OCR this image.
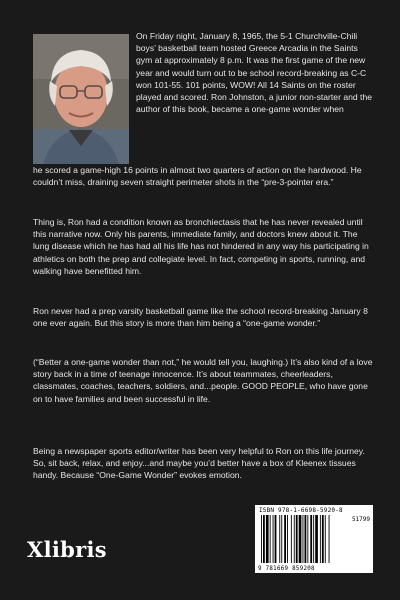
On Friday night, January 8, 1965, the 5-1 Churchville-Chili boys’ basketball team hosted Greece Arcadia in the Saints gym at approximately 8 p.m. It was the first game of the new year and would turn out to be school record-breaking as C-C won 101-55. 101 points, WOW! All 14 Saints on the roster played and scored. Ron Johnston, a junior non-starter and the author of this book, became a one-game wonder when
he scored a game-high 16 points in almost two quarters of action on the hardwood. He couldn’t miss, draining seven straight perimeter shots in the “pre-3-pointer era.”
Thing is, Ron had a condition known as bronchiectasis that he has never revealed until this narrative now. Only his parents, immediate family, and doctors knew about it. The lung disease which he has had all his life has not hindered in any way his participating in athletics on both the prep and collegiate level. In fact, competing in sports, running, and walking have benefitted him.
Ron never had a prep varsity basketball game like the school record-breaking January 8 one ever again. But this story is more than him being a “one-game wonder.”
(“Better a one-game wonder than not,” he would tell you, laughing.) It’s also kind of a love story back in a time of teenage innocence. It’s about teammates, cheerleaders, classmates, coaches, teachers, soldiers, and...people. GOOD PEOPLE, who have gone on to have families and been successful in life.
Being a newspaper sports editor/writer has been very helpful to Ron on this life journey. So, sit back, relax, and enjoy...and maybe you’d better have a box of Kleenex tissues handy. Because “One-Game Wonder” evokes emotion.
ISBN 978-1-6698-5920-8
51799
9 781669 859208
Xlibris
